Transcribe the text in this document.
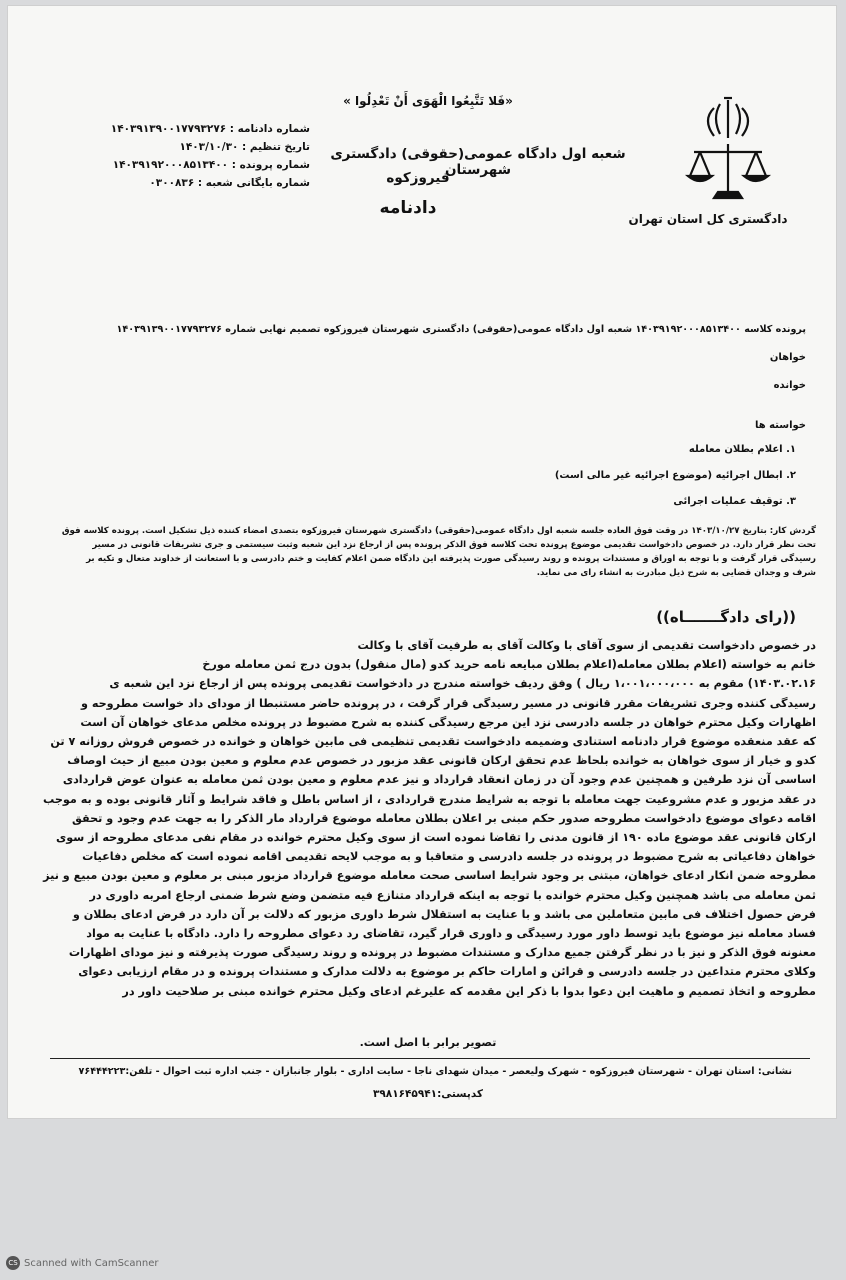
«فَلا تَتَّبِعُوا الْهَوَى أَنْ تَعْدِلُوا »
دادگستری کل استان تهران
شعبه اول دادگاه عمومی(حقوقی) دادگستری شهرستان
فیروزکوه
دادنامه
شماره دادنامه : ۱۴۰۳۹۱۳۹۰۰۱۷۷۹۳۲۷۶
تاریخ تنظیم : ۱۴۰۳/۱۰/۳۰
شماره پرونده : ۱۴۰۳۹۱۹۲۰۰۰۸۵۱۳۴۰۰
شماره بایگانی شعبه : ۰۳۰۰۸۳۶
پرونده کلاسه ۱۴۰۳۹۱۹۲۰۰۰۸۵۱۳۴۰۰ شعبه اول دادگاه عمومی(حقوقی) دادگستری شهرستان فیروزکوه تصمیم نهایی شماره ۱۴۰۳۹۱۳۹۰۰۱۷۷۹۳۲۷۶
خواهان
خوانده
خواسته ها
۱. اعلام بطلان معامله
۲. ابطال اجرائیه (موضوع اجرائیه غیر مالی است)
۳. توقیف عملیات اجرائی
گردش کار: بتاریخ ۱۴۰۳/۱۰/۲۷ در وقت فوق العاده جلسه شعبه اول دادگاه عمومی(حقوقی) دادگستری شهرستان فیروزکوه بتصدی امضاء کننده ذیل تشکیل است. پرونده کلاسه فوق
تحت نظر قرار دارد. در خصوص دادخواست تقدیمی موضوع پرونده تحت کلاسه فوق الذکر پرونده پس از ارجاع نزد این شعبه وثبت سیستمی و جری تشریفات قانونی در مسیر
رسیدگی قرار گرفت و با توجه به اوراق و مستندات پرونده و روند رسیدگی صورت پذیرفته این دادگاه ضمن اعلام کفایت و ختم دادرسی و با استعانت از خداوند متعال و تکیه بر
شرف و وجدان قضایی به شرح ذیل مبادرت به انشاء رای می نماید.
((رای دادگـــــــاه))
در خصوص دادخواست تقدیمی از سوی آقای با وکالت آقای به طرفیت آقای با وکالت
خانم به خواسته (اعلام بطلان معامله(اعلام بطلان مبایعه نامه حرید کدو (مال منقول) بدون درج ثمن معامله مورخ
۱۴۰۳.۰۲.۱۶) مقوم به ۱،۰۰۱،۰۰۰،۰۰۰ ریال ) وفق ردیف خواسته مندرج در دادخواست تقدیمی پرونده پس از ارجاع نزد این شعبه ی
رسیدگی کننده وجری تشریفات مقرر قانونی در مسیر رسیدگی قرار گرفت ، در پرونده حاضر مستنبطا از مودای داد خواست مطروحه و
اظهارات وکیل محترم خواهان در جلسه دادرسی نزد این مرجع رسیدگی کننده به شرح مضبوط در پرونده مخلص مدعای خواهان آن است
که عقد منعقده موضوع قرار دادنامه استنادی وضمیمه دادخواست تقدیمی تنظیمی فی مابین خواهان و خوانده در خصوص فروش روزانه ۷ تن
کدو و خیار از سوی خواهان به خوانده بلحاظ عدم تحقق ارکان قانونی عقد مزبور در خصوص عدم معلوم و معین بودن مبیع از حیث اوصاف
اساسی آن نزد طرفین و همچنین عدم وجود آن در زمان انعقاد قرارداد و نیز عدم معلوم و معین بودن ثمن معامله به عنوان عوض قراردادی
در عقد مزبور و عدم مشروعیت جهت معامله با توجه به شرایط مندرج قراردادی ، از اساس باطل و فاقد شرایط و آثار قانونی بوده و به موجب
اقامه دعوای موضوع دادخواست مطروحه صدور حکم مبنی بر اعلان بطلان معامله موضوع قرارداد مار الذکر را به جهت عدم وجود و تحقق
ارکان قانونی عقد موضوع ماده ۱۹۰ از قانون مدنی را تقاضا نموده است از سوی وکیل محترم خوانده در مقام نفی مدعای مطروحه از سوی
خواهان دفاعیاتی به شرح مضبوط در پرونده در جلسه دادرسی و متعاقبا و به موجب لایحه تقدیمی اقامه نموده است که مخلص دفاعیات
مطروحه ضمن انکار ادعای خواهان، مبتنی بر وجود شرایط اساسی صحت معامله موضوع قرارداد مزبور مبنی بر معلوم و معین بودن مبیع و نیز
ثمن معامله می باشد همچنین وکیل محترم خوانده با توجه به اینکه قرارداد متنازع فیه متضمن وضع شرط ضمنی ارجاع امربه داوری در
فرض حصول اختلاف فی مابین متعاملین می باشد و با عنایت به استقلال شرط داوری مزبور که دلالت بر آن دارد در فرض ادعای بطلان و
فساد معامله نیز موضوع باید توسط داور مورد رسیدگی و داوری قرار گیرد، تقاضای رد دعوای مطروحه را دارد. دادگاه با عنایت به مواد
معنونه فوق الذکر و نیز با در نظر گرفتن جمیع مدارک و مستندات مضبوط در پرونده و روند رسیدگی صورت پذیرفته و نیز مودای اظهارات
وکلای محترم متداعین در جلسه دادرسی و قرائن و امارات حاکم بر موضوع به دلالت مدارک و مستندات پرونده و در مقام ارزیابی دعوای
مطروحه و اتخاذ تصمیم و ماهیت این دعوا بدوا با ذکر این مقدمه که علیرغم ادعای وکیل محترم خوانده مبنی بر صلاحیت داور در
تصویر برابر با اصل است.
نشانی: استان تهران - شهرستان فیروزکوه - شهرک ولیعصر - میدان شهدای ناجا - سایت اداری - بلوار جانبازان - جنب اداره ثبت احوال - تلفن:۷۶۴۴۴۲۲۳
کدپستی:۳۹۸۱۶۴۵۹۴۱
CS Scanned with CamScanner
